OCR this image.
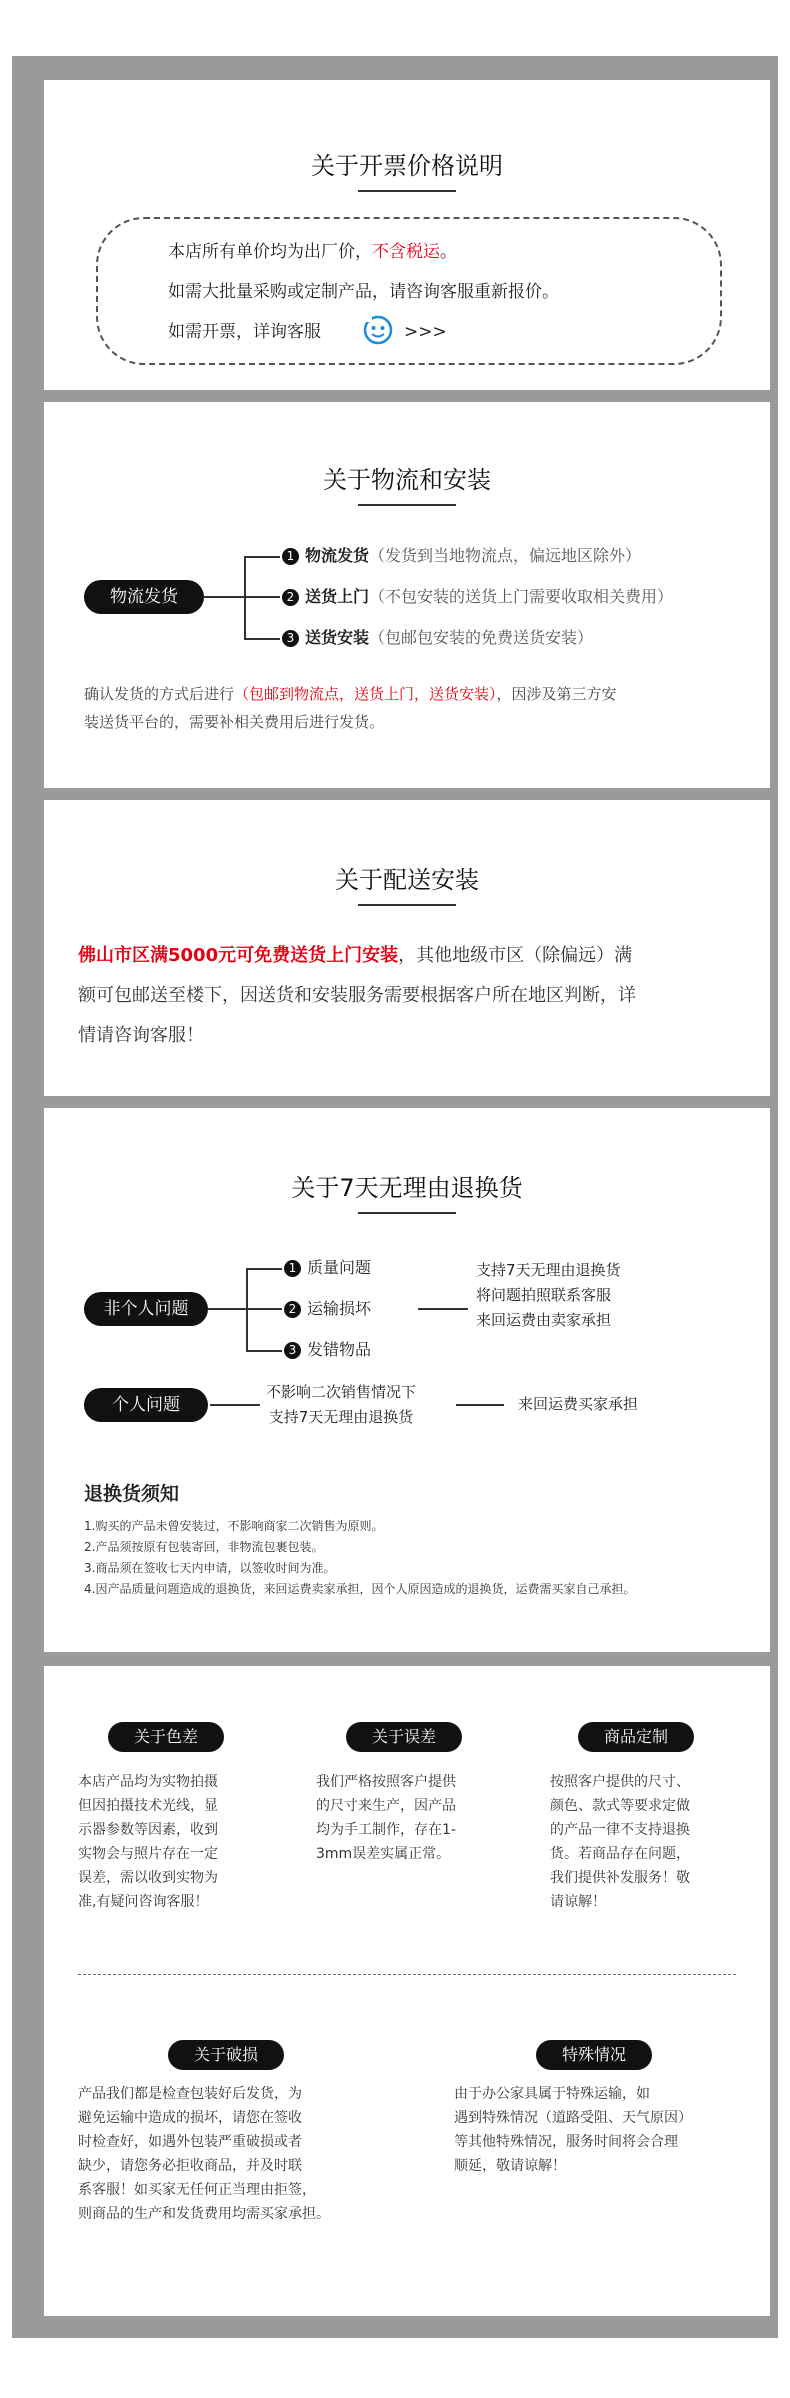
关于开票价格说明
本店所有单价均为出厂价，不含税运。
如需大批量采购或定制产品，请咨询客服重新报价。
如需开票，详询客服	>>>
关于物流和安装
物流发货
1 物流发货（发货到当地物流点，偏远地区除外）
2 送货上门（不包安装的送货上门需要收取相关费用）
3 送货安装（包邮包安装的免费送货安装）
确认发货的方式后进行（包邮到物流点，送货上门，送货安装），因涉及第三方安
装送货平台的，需要补相关费用后进行发货。
关于配送安装
佛山市区满5000元可免费送货上门安装，其他地级市区（除偏远）满
额可包邮送至楼下，因送货和安装服务需要根据客户所在地区判断，详
情请咨询客服！
关于7天无理由退换货
非个人问题
1 质量问题
2 运输损坏
3 发错物品
支持7天无理由退换货
将问题拍照联系客服
来回运费由卖家承担
个人问题
不影响二次销售情况下
支持7天无理由退换货
来回运费买家承担
退换货须知
1.购买的产品未曾安装过，不影响商家二次销售为原则。
2.产品须按原有包装寄回，非物流包裹包装。
3.商品须在签收七天内申请，以签收时间为准。
4.因产品质量问题造成的退换货，来回运费卖家承担，因个人原因造成的退换货，运费需买家自己承担。
关于色差
本店产品均为实物拍摄
但因拍摄技术光线，显
示器参数等因素，收到
实物会与照片存在一定
误差，需以收到实物为
准,有疑问咨询客服！
关于误差
我们严格按照客户提供
的尺寸来生产，因产品
均为手工制作，存在1-
3mm误差实属正常。
商品定制
按照客户提供的尺寸、
颜色、款式等要求定做
的产品一律不支持退换
货。若商品存在问题，
我们提供补发服务！敬
请谅解！
关于破损
产品我们都是检查包装好后发货，为
避免运输中造成的损坏，请您在签收
时检查好，如遇外包装严重破损或者
缺少，请您务必拒收商品，并及时联
系客服！如买家无任何正当理由拒签，
则商品的生产和发货费用均需买家承担。
特殊情况
由于办公家具属于特殊运输，如
遇到特殊情况（道路受阻、天气原因）
等其他特殊情况，服务时间将会合理
顺延，敬请谅解！
